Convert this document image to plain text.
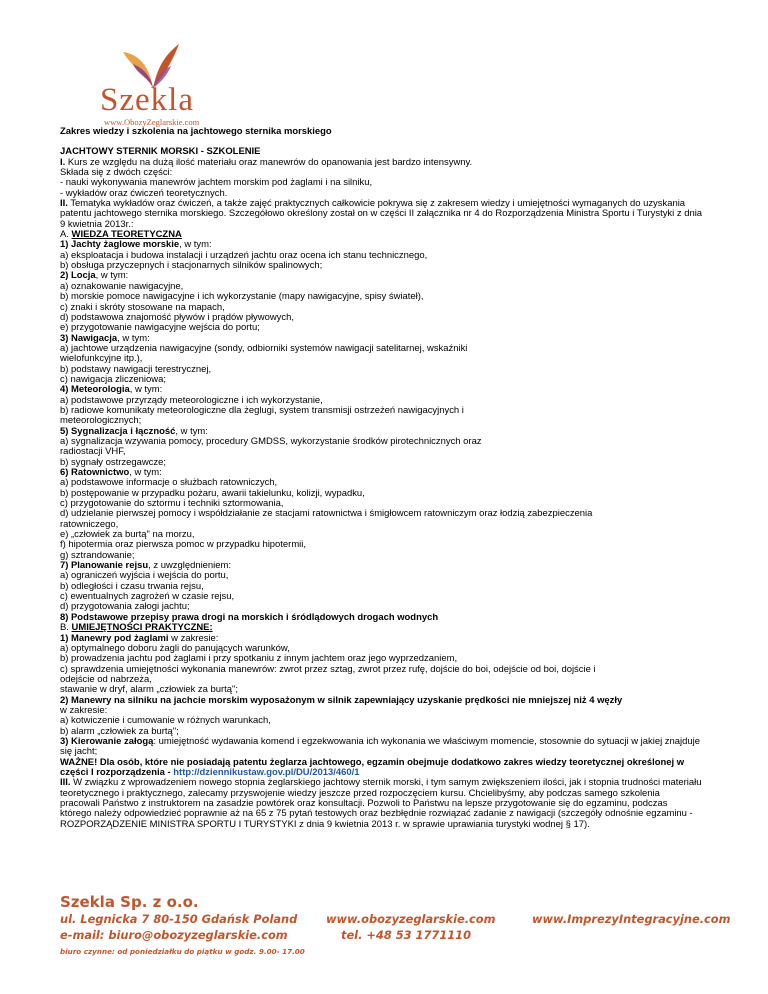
Szekla
www.ObozyZeglarskie.com

Zakres wiedzy i szkolenia na jachtowego sternika morskiego

JACHTOWY STERNIK MORSKI - SZKOLENIE

I. Kurs ze względu na dużą ilość materiału oraz manewrów do opanowania jest bardzo intensywny.

Składa się z dwóch części:

- nauki wykonywania manewrów jachtem morskim pod żaglami i na silniku,

- wykładów oraz ćwiczeń teoretycznych.

II. Tematyka wykładów oraz ćwiczeń, a także zajęć praktycznych całkowicie pokrywa się z zakresem wiedzy i umiejętności wymaganych do uzyskania

patentu jachtowego sternika morskiego. Szczegółowo określony został on w części II załącznika nr 4 do Rozporządzenia Ministra Sportu i Turystyki z dnia 9 kwietnia 2013r.:

A. WIEDZA TEORETYCZNA

1) Jachty żaglowe morskie, w tym:

a) eksploatacja i budowa instalacji i urządzeń jachtu oraz ocena ich stanu technicznego,

b) obsługa przyczepnych i stacjonarnych silników spalinowych;

2) Locja, w tym:

a) oznakowanie nawigacyjne,

b) morskie pomoce nawigacyjne i ich wykorzystanie (mapy nawigacyjne, spisy świateł),

c) znaki i skróty stosowane na mapach,

d) podstawowa znajomość pływów i prądów pływowych,

e) przygotowanie nawigacyjne wejścia do portu;

3) Nawigacja, w tym:

a) jachtowe urządzenia nawigacyjne (sondy, odbiorniki systemów nawigacji satelitarnej, wskaźniki

wielofunkcyjne itp.),

b) podstawy nawigacji terestrycznej,

c) nawigacja zliczeniowa;

4) Meteorologia, w tym:

a) podstawowe przyrządy meteorologiczne i ich wykorzystanie,

b) radiowe komunikaty meteorologiczne dla żeglugi, system transmisji ostrzeżeń nawigacyjnych i

meteorologicznych;

5) Sygnalizacja i łączność, w tym:

a) sygnalizacja wzywania pomocy, procedury GMDSS, wykorzystanie środków pirotechnicznych oraz

radiostacji VHF,

b) sygnały ostrzegawcze;

6) Ratownictwo, w tym:

a) podstawowe informacje o służbach ratowniczych,

b) postępowanie w przypadku pożaru, awarii takielunku, kolizji, wypadku,

c) przygotowanie do sztormu i techniki sztormowania,

d) udzielanie pierwszej pomocy i współdziałanie ze stacjami ratownictwa i śmigłowcem ratowniczym oraz łodzią zabezpieczenia

ratowniczego,

e) „człowiek za burtą" na morzu,

f) hipotermia oraz pierwsza pomoc w przypadku hipotermii,

g) sztrandowanie;

7) Planowanie rejsu, z uwzględnieniem:

a) ograniczeń wyjścia i wejścia do portu,

b) odległości i czasu trwania rejsu,

c) ewentualnych zagrożeń w czasie rejsu,

d) przygotowania załogi jachtu;

8) Podstawowe przepisy prawa drogi na morskich i śródlądowych drogach wodnych

B. UMIEJĘTNOŚCI PRAKTYCZNE:

1) Manewry pod żaglami w zakresie:

a) optymalnego doboru żagli do panujących warunków,

b) prowadzenia jachtu pod żaglami i przy spotkaniu z innym jachtem oraz jego wyprzedzaniem,

c) sprawdzenia umiejętności wykonania manewrów: zwrot przez sztag, zwrot przez rufę, dojście do boi, odejście od boi, dojście i

odejście od nabrzeża,

stawanie w dryf, alarm „człowiek za burtą";

2) Manewry na silniku na jachcie morskim wyposażonym w silnik zapewniający uzyskanie prędkości nie mniejszej niż 4 węzły

w zakresie:

a) kotwiczenie i cumowanie w różnych warunkach,

b) alarm „człowiek za burtą";

3) Kierowanie załogą: umiejętność wydawania komend i egzekwowania ich wykonania we właściwym momencie, stosownie do sytuacji w jakiej znajduje

się jacht;

WAŻNE! Dla osób, które nie posiadają patentu żeglarza jachtowego, egzamin obejmuje dodatkowo zakres wiedzy teoretycznej określonej w

części I rozporządzenia - http://dziennikustaw.gov.pl/DU/2013/460/1

III. W związku z wprowadzeniem nowego stopnia żeglarskiego jachtowy sternik morski, i tym samym zwiększeniem ilości, jak i stopnia trudności materiału

teoretycznego i praktycznego, zalecamy przyswojenie wiedzy jeszcze przed rozpoczęciem kursu. Chcielibyśmy, aby podczas samego szkolenia

pracowali Państwo z instruktorem na zasadzie powtórek oraz konsultacji. Pozwoli to Państwu na lepsze przygotowanie się do egzaminu, podczas

którego należy odpowiedzieć poprawnie aż na 65 z 75 pytań testowych oraz bezbłędnie rozwiązać zadanie z nawigacji (szczegóły odnośnie egzaminu -

ROZPORZĄDZENIE MINISTRA SPORTU I TURYSTYKI z dnia 9 kwietnia 2013 r. w sprawie uprawiania turystyki wodnej § 17).

Szekla Sp. z o.o.
ul. Legnicka 7 80-150 Gdańsk Poland	www.obozyzeglarskie.com	www.ImprezyIntegracyjne.com
e-mail: biuro@obozyzeglarskie.com	tel. +48 53 1771110
biuro czynne: od poniedziałku do piątku w godz. 9.00- 17.00
